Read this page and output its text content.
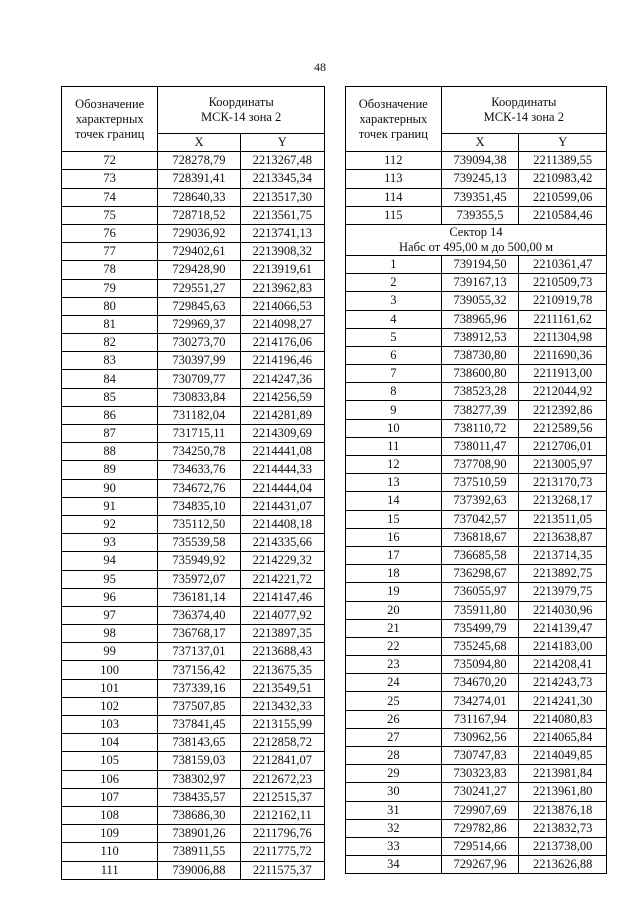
48
Обозначение
характерных
точек границ	Координаты
МСК-14 зона 2	
	X	Y
72	728278,79	2213267,48
73	728391,41	2213345,34
74	728640,33	2213517,30
75	728718,52	2213561,75
76	729036,92	2213741,13
77	729402,61	2213908,32
78	729428,90	2213919,61
79	729551,27	2213962,83
80	729845,63	2214066,53
81	729969,37	2214098,27
82	730273,70	2214176,06
83	730397,99	2214196,46
84	730709,77	2214247,36
85	730833,84	2214256,59
86	731182,04	2214281,89
87	731715,11	2214309,69
88	734250,78	2214441,08
89	734633,76	2214444,33
90	734672,76	2214444,04
91	734835,10	2214431,07
92	735112,50	2214408,18
93	735539,58	2214335,66
94	735949,92	2214229,32
95	735972,07	2214221,72
96	736181,14	2214147,46
97	736374,40	2214077,92
98	736768,17	2213897,35
99	737137,01	2213688,43
100	737156,42	2213675,35
101	737339,16	2213549,51
102	737507,85	2213432,33
103	737841,45	2213155,99
104	738143,65	2212858,72
105	738159,03	2212841,07
106	738302,97	2212672,23
107	738435,57	2212515,37
108	738686,30	2212162,11
109	738901,26	2211796,76
110	738911,55	2211775,72
111	739006,88	2211575,37
Обозначение
характерных
точек границ	Координаты
МСК-14 зона 2	
	X	Y
112	739094,38	2211389,55
113	739245,13	2210983,42
114	739351,45	2210599,06
115	739355,5	2210584,46
Сектор 14
Набс от 495,00 м до 500,00 м		
1	739194,50	2210361,47
2	739167,13	2210509,73
3	739055,32	2210919,78
4	738965,96	2211161,62
5	738912,53	2211304,98
6	738730,80	2211690,36
7	738600,80	2211913,00
8	738523,28	2212044,92
9	738277,39	2212392,86
10	738110,72	2212589,56
11	738011,47	2212706,01
12	737708,90	2213005,97
13	737510,59	2213170,73
14	737392,63	2213268,17
15	737042,57	2213511,05
16	736818,67	2213638,87
17	736685,58	2213714,35
18	736298,67	2213892,75
19	736055,97	2213979,75
20	735911,80	2214030,96
21	735499,79	2214139,47
22	735245,68	2214183,00
23	735094,80	2214208,41
24	734670,20	2214243,73
25	734274,01	2214241,30
26	731167,94	2214080,83
27	730962,56	2214065,84
28	730747,83	2214049,85
29	730323,83	2213981,84
30	730241,27	2213961,80
31	729907,69	2213876,18
32	729782,86	2213832,73
33	729514,66	2213738,00
34	729267,96	2213626,88
